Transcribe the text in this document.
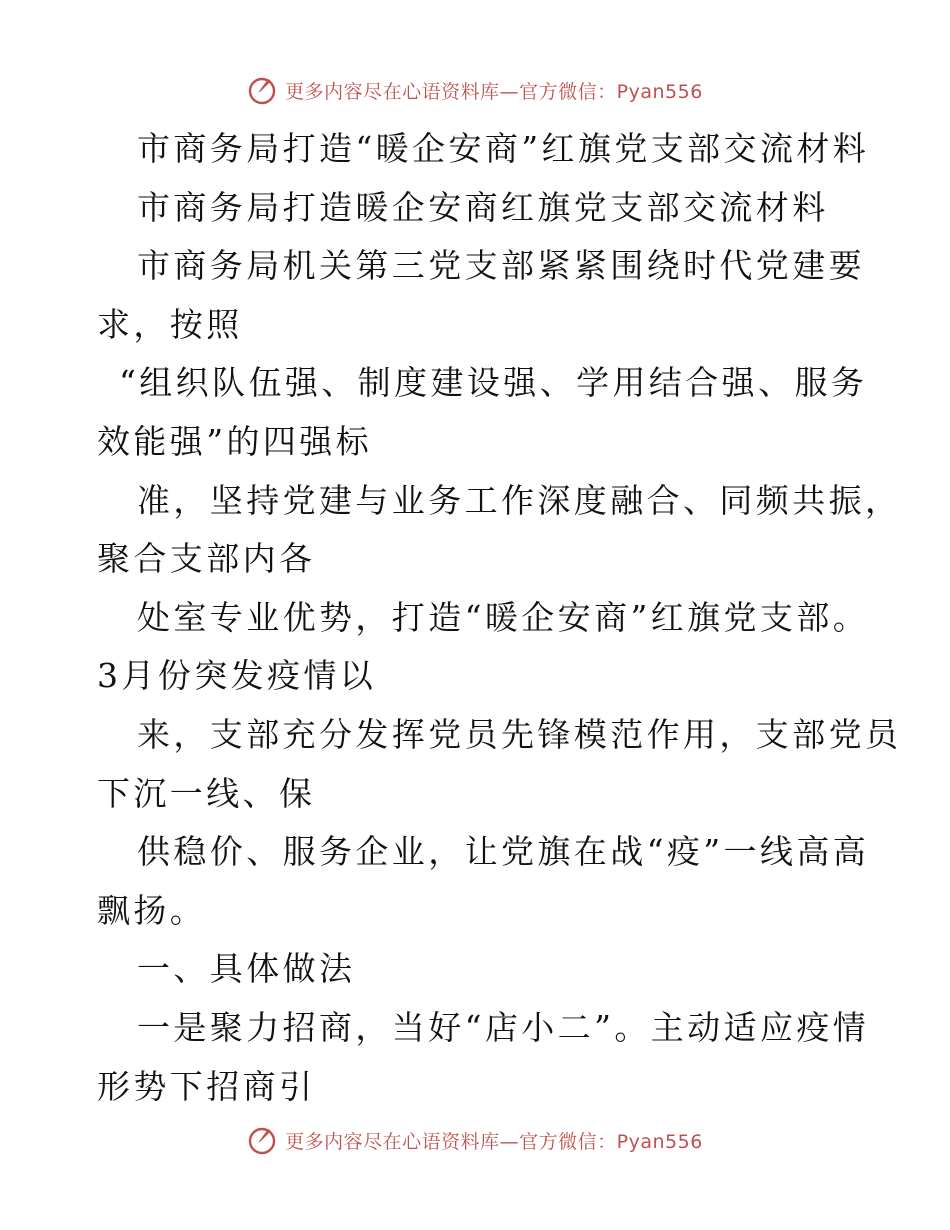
更多内容尽在心语资料库—官方微信：Pyan556
市商务局打造“暖企安商”红旗党支部交流材料
市商务局打造暖企安商红旗党支部交流材料
市商务局机关第三党支部紧紧围绕时代党建要
求，按照
“组织队伍强、制度建设强、学用结合强、服务
效能强”的四强标
准，坚持党建与业务工作深度融合、同频共振，
聚合支部内各
处室专业优势，打造“暖企安商”红旗党支部。
3月份突发疫情以
来，支部充分发挥党员先锋模范作用，支部党员
下沉一线、保
供稳价、服务企业，让党旗在战“疫”一线高高
飘扬。
一、具体做法
一是聚力招商，当好“店小二”。主动适应疫情
形势下招商引
更多内容尽在心语资料库—官方微信：Pyan556
